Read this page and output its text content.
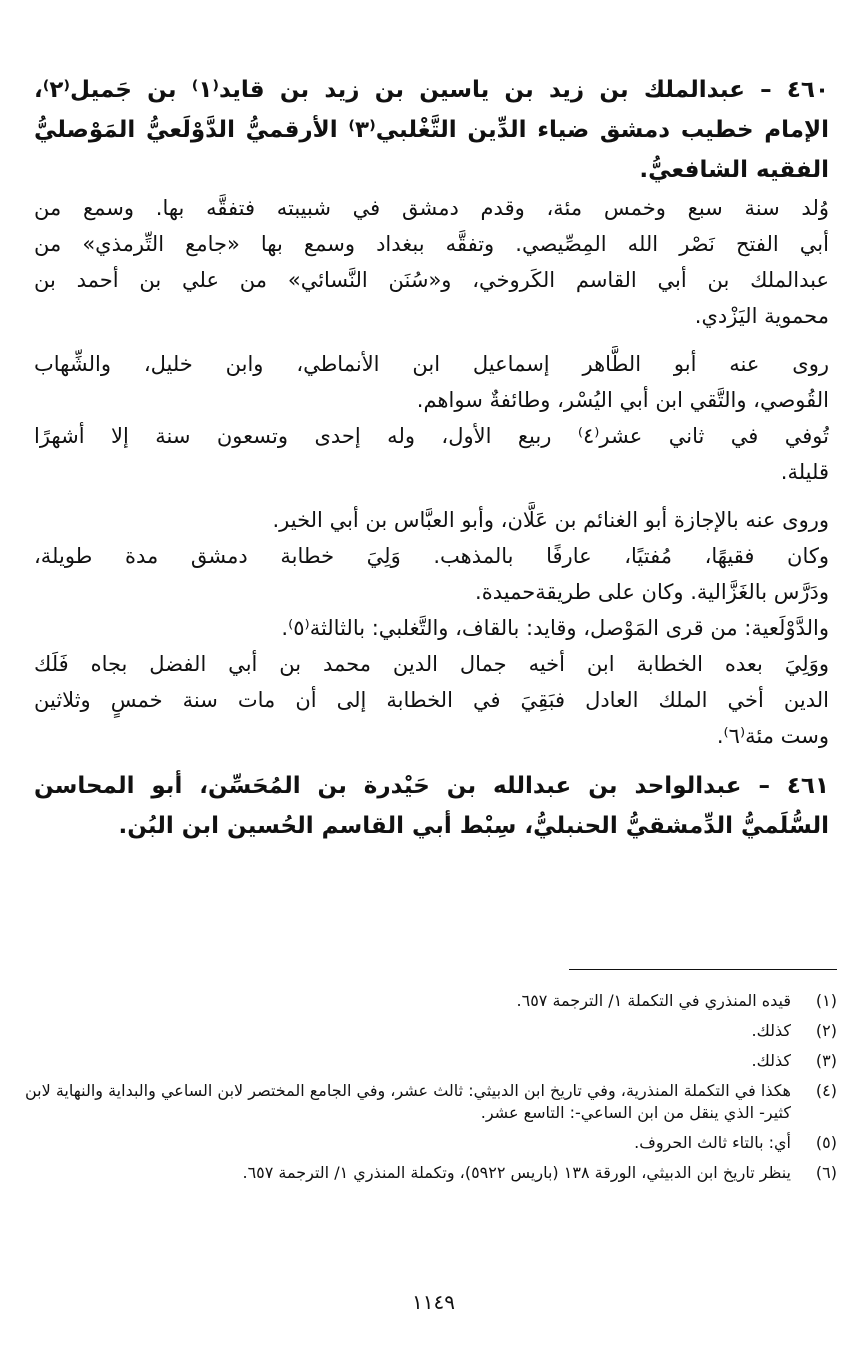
٤٦٠ – عبدالملك بن زيد بن ياسين بن زيد بن قايد⁽١⁾ بن جَميل⁽٢⁾،
الإمام خطيب دمشق ضياء الدِّين التَّغْلبي⁽٣⁾ الأرقميُّ الدَّوْلَعيُّ المَوْصليُّ
الفقيه الشافعيُّ.
وُلد سنة سبع وخمس مئة، وقدم دمشق في شبيبته فتفقَّه بها. وسمع من
أبي الفتح نَصْر الله المِصِّيصي. وتفقَّه ببغداد وسمع بها «جامع التِّرمذي» من
عبدالملك بن أبي القاسم الكَروخي، و«سُنَن النَّسائي» من علي بن أحمد بن
محموية اليَزْدي.
روى عنه أبو الطَّاهر إسماعيل ابن الأنماطي، وابن خليل، والشِّهاب
القُوصي، والتَّقي ابن أبي اليُسْر، وطائفةٌ سواهم.
تُوفي في ثاني عشر⁽٤⁾ ربيع الأول، وله إحدى وتسعون سنة إلا أشهرًا
قليلة.
وروى عنه بالإجازة أبو الغنائم بن عَلَّان، وأبو العبَّاس بن أبي الخير.
وكان فقيهًا، مُفتيًا، عارفًا بالمذهب. وَلِيَ خطابة دمشق مدة طويلة،
ودَرَّس بالغَزَّالية. وكان على طريقةحميدة.
والدَّوْلَعية: من قرى المَوْصل، وقايد: بالقاف، والتَّغلبي: بالثالثة⁽٥⁾.
ووَلِيَ بعده الخطابة ابن أخيه جمال الدين محمد بن أبي الفضل بجاه فَلَك
الدين أخي الملك العادل فبَقِيَ في الخطابة إلى أن مات سنة خمسٍ وثلاثين
وست مئة⁽٦⁾.
٤٦١ – عبدالواحد بن عبدالله بن حَيْدرة بن المُحَسِّن، أبو المحاسن
السُّلَميُّ الدِّمشقيُّ الحنبليُّ، سِبْط أبي القاسم الحُسين ابن البُن.
(١)
قيده المنذري في التكملة ١/ الترجمة ٦٥٧.
(٢)
كذلك.
(٣)
كذلك.
(٤)
هكذا في التكملة المنذرية، وفي تاريخ ابن الدبيثي: ثالث عشر، وفي الجامع المختصر لابن الساعي والبداية والنهاية لابن كثير- الذي ينقل من ابن الساعي-: التاسع عشر.
(٥)
أي: بالتاء ثالث الحروف.
(٦)
ينظر تاريخ ابن الدبيثي، الورقة ١٣٨ (باريس ٥٩٢٢)، وتكملة المنذري ١/ الترجمة ٦٥٧.
١١٤٩
